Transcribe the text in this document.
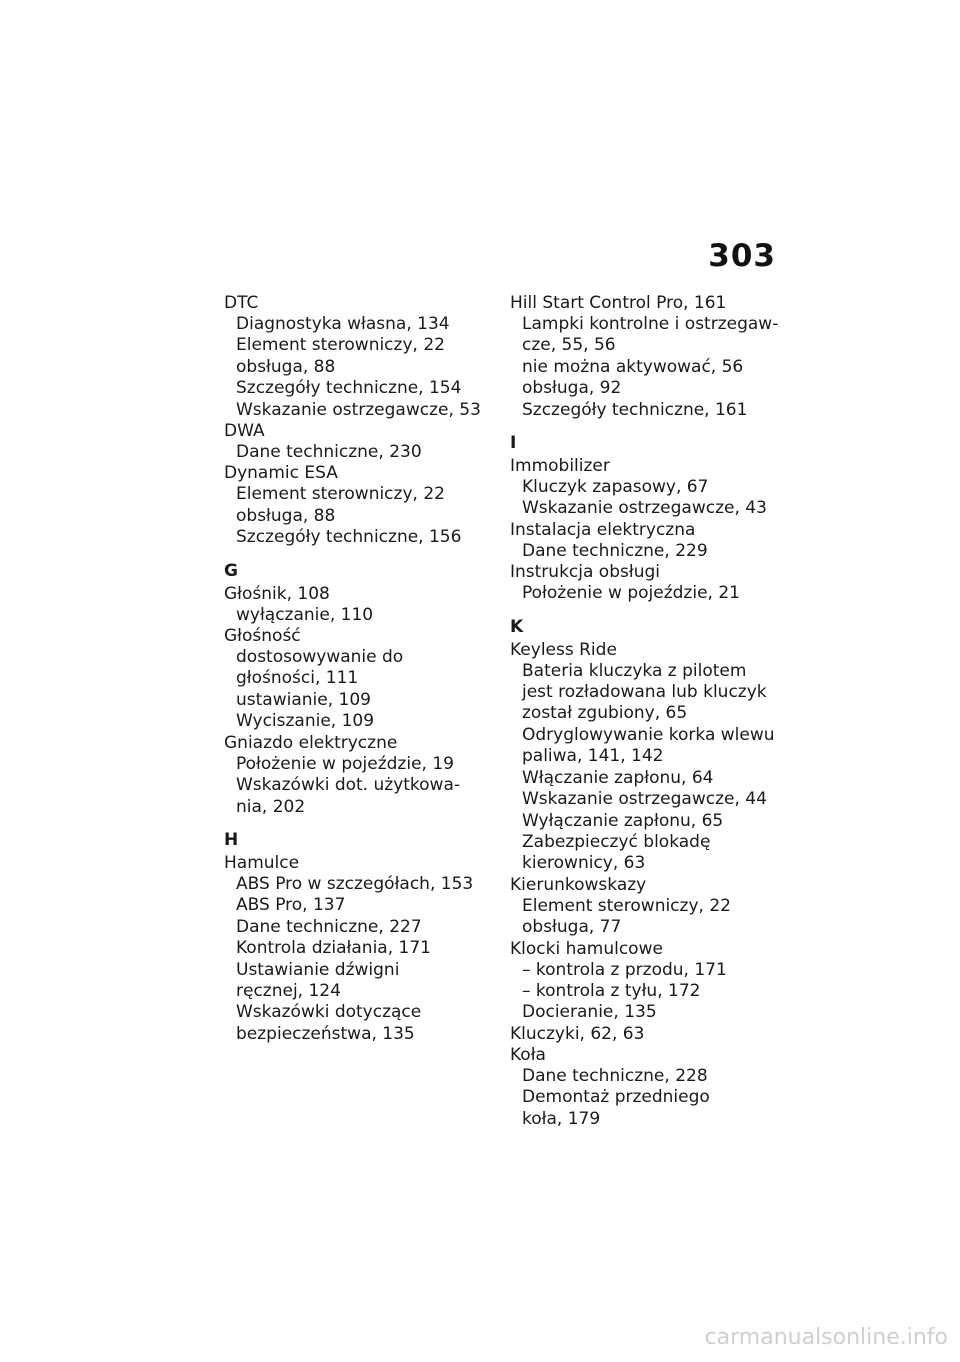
303
DTC
Diagnostyka własna, 134
Element sterowniczy, 22
obsługa, 88
Szczegóły techniczne, 154
Wskazanie ostrzegawcze, 53
DWA
Dane techniczne, 230
Dynamic ESA
Element sterowniczy, 22
obsługa, 88
Szczegóły techniczne, 156
G
Głośnik, 108
wyłączanie, 110
Głośność
dostosowywanie do
głośności, 111
ustawianie, 109
Wyciszanie, 109
Gniazdo elektryczne
Położenie w pojeździe, 19
Wskazówki dot. użytkowa-
nia, 202
H
Hamulce
ABS Pro w szczegółach, 153
ABS Pro, 137
Dane techniczne, 227
Kontrola działania, 171
Ustawianie dźwigni
ręcznej, 124
Wskazówki dotyczące
bezpieczeństwa, 135
Hill Start Control Pro, 161
Lampki kontrolne i ostrzegaw-
cze, 55, 56
nie można aktywować, 56
obsługa, 92
Szczegóły techniczne, 161
I
Immobilizer
Kluczyk zapasowy, 67
Wskazanie ostrzegawcze, 43
Instalacja elektryczna
Dane techniczne, 229
Instrukcja obsługi
Położenie w pojeździe, 21
K
Keyless Ride
Bateria kluczyka z pilotem
jest rozładowana lub kluczyk
został zgubiony, 65
Odryglowywanie korka wlewu
paliwa, 141, 142
Włączanie zapłonu, 64
Wskazanie ostrzegawcze, 44
Wyłączanie zapłonu, 65
Zabezpieczyć blokadę
kierownicy, 63
Kierunkowskazy
Element sterowniczy, 22
obsługa, 77
Klocki hamulcowe
– kontrola z przodu, 171
– kontrola z tyłu, 172
Docieranie, 135
Kluczyki, 62, 63
Koła
Dane techniczne, 228
Demontaż przedniego
koła, 179
carmanualsonline.info
